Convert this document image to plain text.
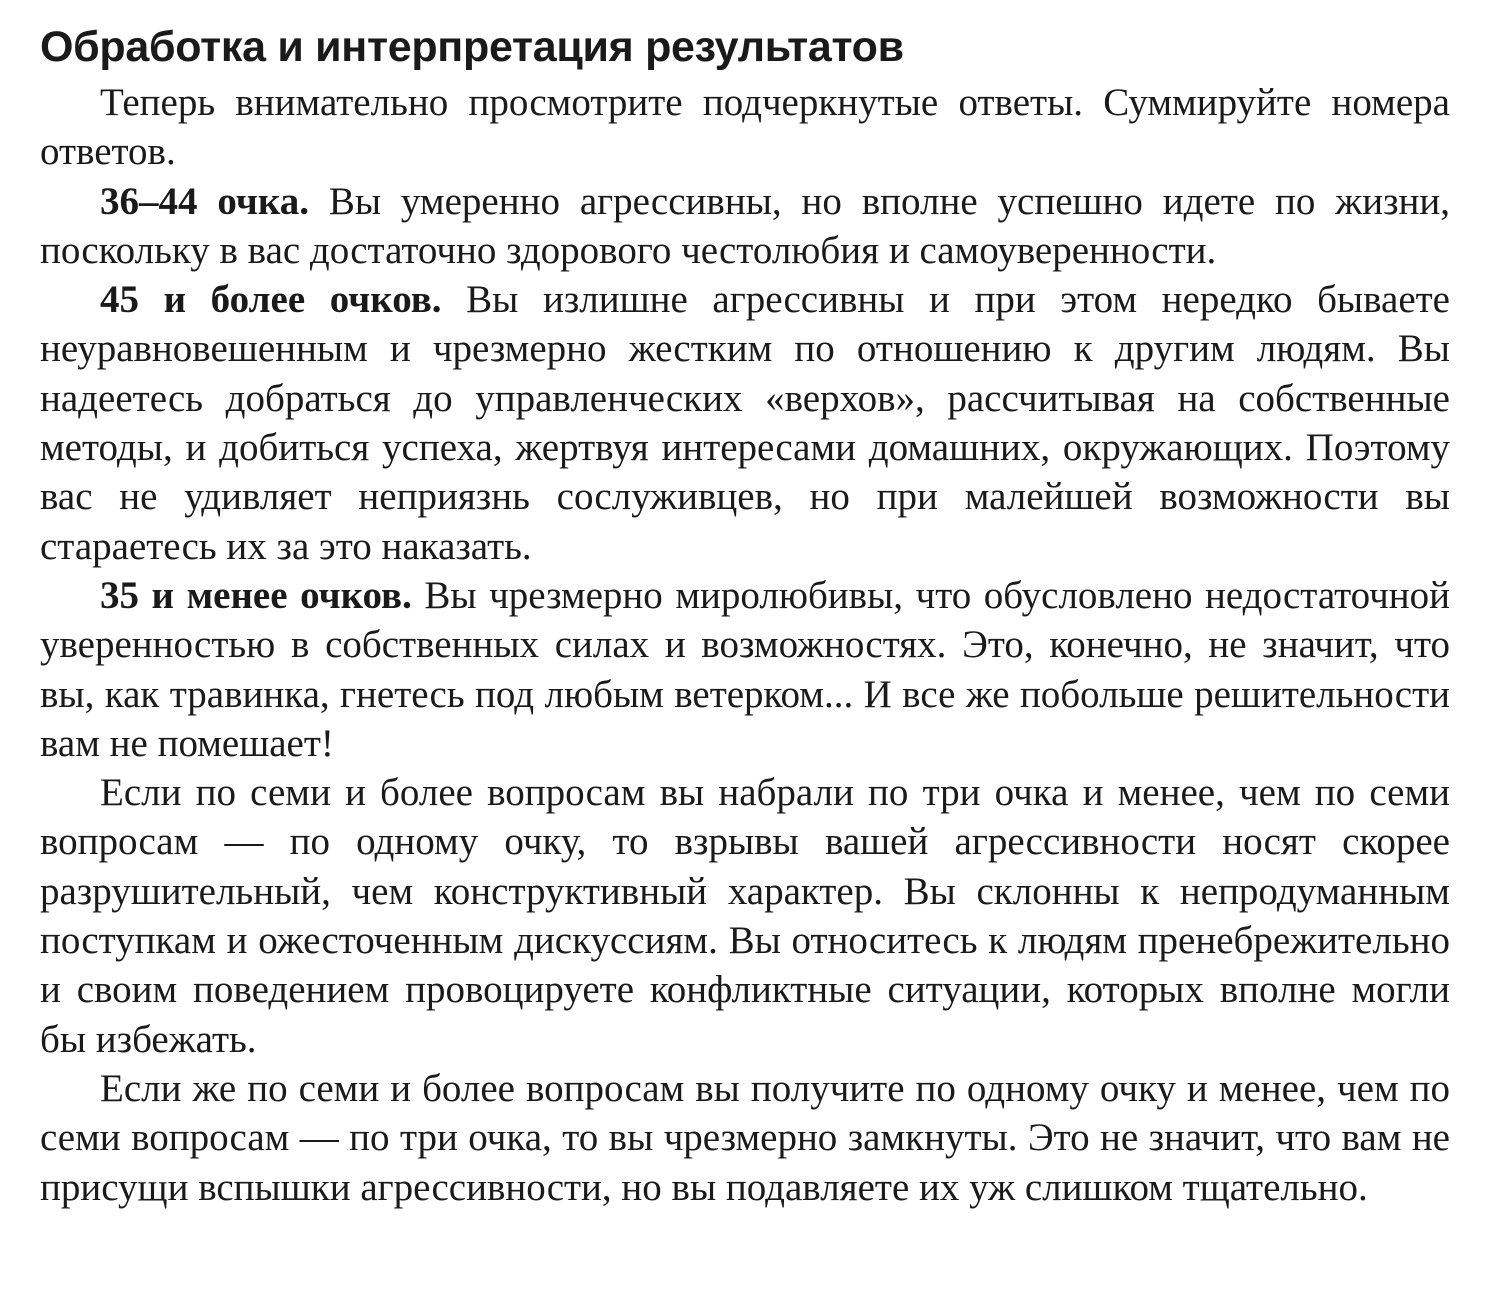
Обработка и интерпретация результатов

Теперь внимательно просмотрите подчеркнутые ответы. Суммируйте номера ответов.

36–44 очка. Вы умеренно агрессивны, но вполне успешно идете по жизни, поскольку в вас достаточно здорового честолюбия и самоуверенности.

45 и более очков. Вы излишне агрессивны и при этом нередко бываете неуравновешенным и чрезмерно жестким по отношению к другим людям. Вы надеетесь добраться до управленческих «верхов», рассчитывая на собственные методы, и добиться успеха, жертвуя интересами домашних, окружающих. Поэтому вас не удивляет неприязнь сослуживцев, но при малейшей возможности вы стараетесь их за это наказать.

35 и менее очков. Вы чрезмерно миролюбивы, что обусловлено недостаточной уверенностью в собственных силах и возможностях. Это, конечно, не значит, что вы, как травинка, гнетесь под любым ветерком... И все же побольше решительности вам не помешает!

Если по семи и более вопросам вы набрали по три очка и менее, чем по семи вопросам — по одному очку, то взрывы вашей агрессивности носят скорее разрушительный, чем конструктивный характер. Вы склонны к непродуманным поступкам и ожесточенным дискуссиям. Вы относитесь к людям пренебрежительно и своим поведением провоцируете конфликтные ситуации, которых вполне могли бы избежать.

Если же по семи и более вопросам вы получите по одному очку и менее, чем по семи вопросам — по три очка, то вы чрезмерно замкнуты. Это не значит, что вам не присущи вспышки агрессивности, но вы подавляете их уж слишком тщательно.
